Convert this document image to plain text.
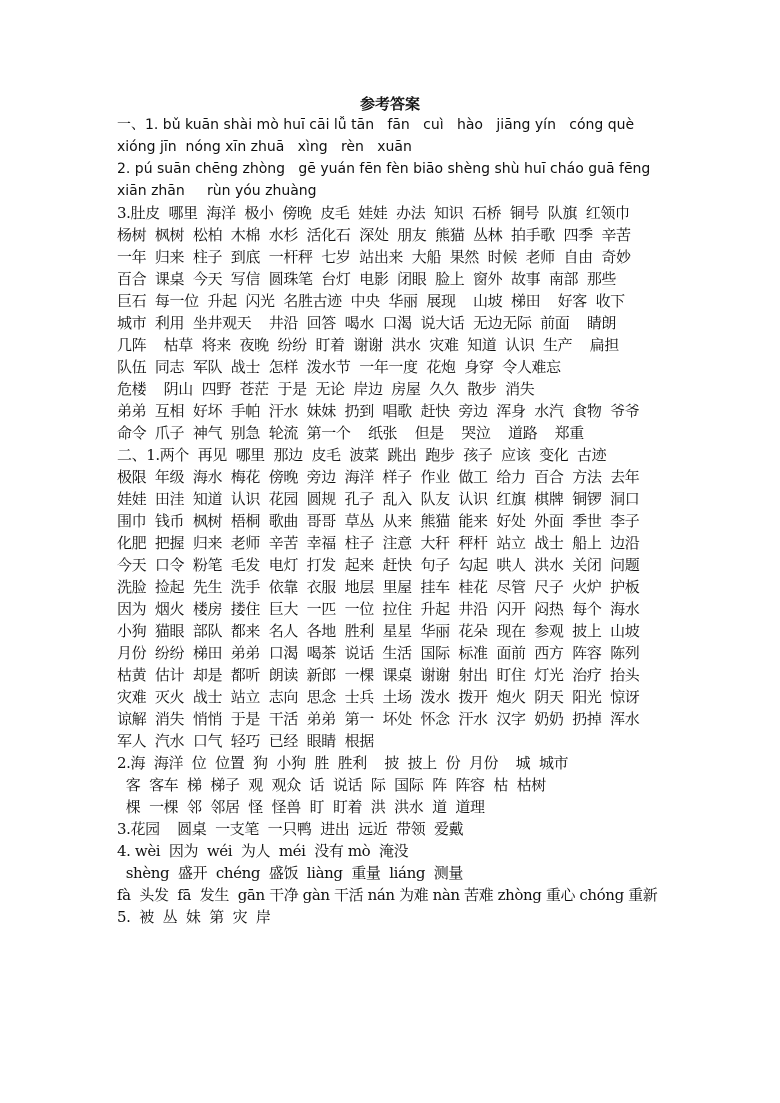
参考答案
一、1. bǔ kuān shài mò huī cāi lǚ tān   fān   cuì   hào   jiāng yín   cóng què
xióng jīn  nóng xīn zhuā   xìng   rèn   xuān
2. pú suān chēng zhòng   gē yuán fēn fèn biāo shèng shù huī cháo guā fēng
xiān zhān     rùn yóu zhuàng
3.肚皮  哪里  海洋  极小  傍晚  皮毛  娃娃  办法  知识  石桥  铜号  队旗  红领巾
杨树  枫树  松柏  木棉  水杉  活化石  深处  朋友  熊猫  丛林  拍手歌  四季  辛苦
一年  归来  柱子  到底  一杆秤  七岁  站出来  大船  果然  时候  老师  自由  奇妙
百合  课桌  今天  写信  圆珠笔  台灯  电影  闭眼  脸上  窗外  故事  南部  那些
巨石  每一位  升起  闪光  名胜古迹  中央  华丽  展现    山坡  梯田    好客  收下
城市  利用  坐井观天    井沿  回答  喝水  口渴  说大话  无边无际  前面    睛朗
几阵    枯草  将来  夜晚  纷纷  盯着  谢谢  洪水  灾难  知道  认识  生产    扁担
队伍  同志  军队  战士  怎样  泼水节  一年一度  花炮  身穿  令人难忘
危楼    阴山  四野  苍茫  于是  无论  岸边  房屋  久久  散步  消失
弟弟  互相  好坏  手帕  汗水  妹妹  扔到  唱歌  赶快  旁边  浑身  水汽  食物  爷爷
命令  爪子  神气  别急  轮流  第一个    纸张    但是    哭泣    道路    郑重
二、1.两个  再见  哪里  那边  皮毛  波菜  跳出  跑步  孩子  应该  变化  古迹
极限  年级  海水  梅花  傍晚  旁边  海洋  样子  作业  做工  给力  百合  方法  去年
娃娃  田洼  知道  认识  花园  圆规  孔子  乱入  队友  认识  红旗  棋牌  铜锣  洞口
围巾  钱币  枫树  梧桐  歌曲  哥哥  草丛  从来  熊猫  能来  好处  外面  季世  李子
化肥  把握  归来  老师  辛苦  幸福  柱子  注意  大秆  秤杆  站立  战士  船上  边沿
今天  口令  粉笔  毛发  电灯  打发  起来  赶快  句子  勾起  哄人  洪水  关闭  问题
洗脸  捡起  先生  洗手  依靠  衣服  地层  里屋  挂车  桂花  尽管  尺子  火炉  护板
因为  烟火  楼房  搂住  巨大  一匹  一位  拉住  升起  井沿  闪开  闷热  每个  海水
小狗  猫眼  部队  都来  名人  各地  胜利  星星  华丽  花朵  现在  参观  披上  山坡
月份  纷纷  梯田  弟弟  口渴  喝茶  说话  生活  国际  标准  面前  西方  阵容  陈列
枯黄  估计  却是  都听  朗读  新郎  一棵  课桌  谢谢  射出  盯住  灯光  治疗  抬头
灾难  灭火  战士  站立  志向  思念  士兵  土场  泼水  拨开  炮火  阴天  阳光  惊讶
谅解  消失  悄悄  于是  干活  弟弟  第一  坏处  怀念  汗水  汉字  奶奶  扔掉  浑水
军人  汽水  口气  轻巧  已经  眼睛  根据
2.海  海洋  位  位置  狗  小狗  胜  胜利    披  披上  份  月份    城  城市
客  客车  梯  梯子  观  观众  话  说话  际  国际  阵  阵容  枯  枯树
棵  一棵  邻  邻居  怪  怪兽  盯  盯着  洪  洪水  道  道理
3.花园    圆桌  一支笔  一只鸭  进出  远近  带领  爱戴
4. wèi  因为  wéi  为人  méi  没有 mò  淹没
shèng  盛开  chéng  盛饭  liàng  重量  liáng  测量
fà  头发  fā  发生  gān 干净 gàn 干活 nán 为难 nàn 苦难 zhòng 重心 chóng 重新
5.  被  丛  妹  第  灾  岸
